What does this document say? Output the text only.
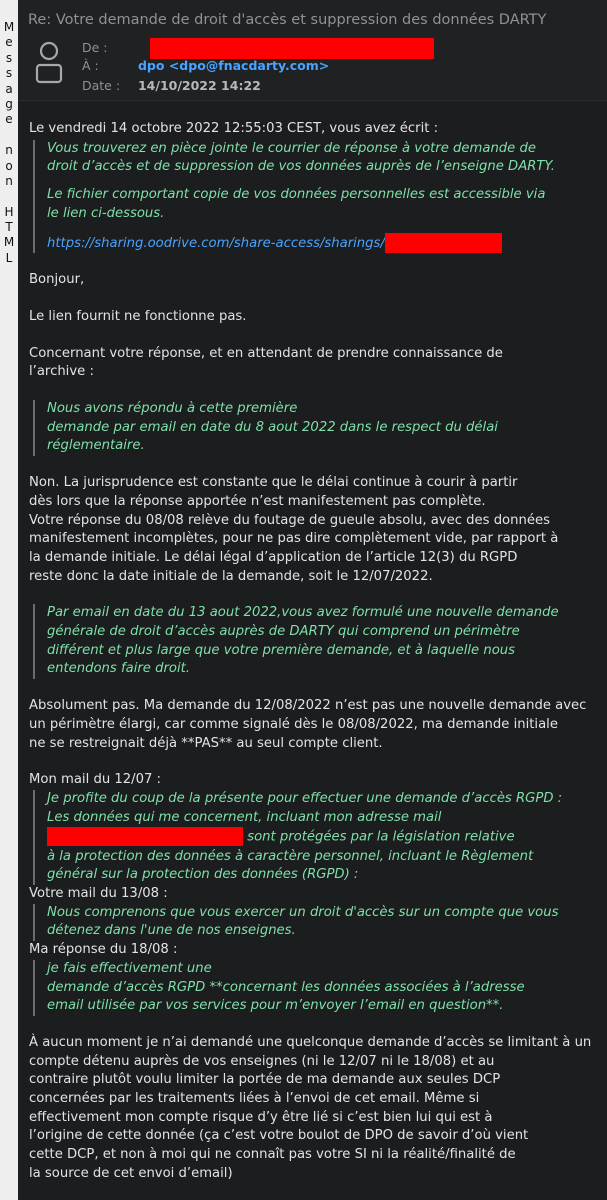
M
e
s
s
a
g
e
n
o
n
H
T
M
L
Re: Votre demande de droit d'accès et suppression des données DARTY
De :
À :	dpo <dpo@fnacdarty.com>
Date : 14/10/2022 14:22

Le vendredi 14 octobre 2022 12:55:03 CEST, vous avez écrit :

Vous trouverez en pièce jointe le courrier de réponse à votre demande de
droit d’accès et de suppression de vos données auprès de l’enseigne DARTY.
Le fichier comportant copie de vos données personnelles est accessible via
le lien ci-dessous.
https://sharing.oodrive.com/share-access/sharings/

Bonjour,

Le lien fournit ne fonctionne pas.

Concernant votre réponse, et en attendant de prendre connaissance de

l’archive :

Nous avons répondu à cette première
demande par email en date du 8 aout 2022 dans le respect du délai
réglementaire.

Non. La jurisprudence est constante que le délai continue à courir à partir

dès lors que la réponse apportée n’est manifestement pas complète.

Votre réponse du 08/08 relève du foutage de gueule absolu, avec des données

manifestement incomplètes, pour ne pas dire complètement vide, par rapport à

la demande initiale. Le délai légal d’application de l’article 12(3) du RGPD

reste donc la date initiale de la demande, soit le 12/07/2022.

Par email en date du 13 aout 2022,vous avez formulé une nouvelle demande
générale de droit d’accès auprès de DARTY qui comprend un périmètre
différent et plus large que votre première demande, et à laquelle nous
entendons faire droit.

Absolument pas. Ma demande du 12/08/2022 n’est pas une nouvelle demande avec

un périmètre élargi, car comme signalé dès le 08/08/2022, ma demande initiale

ne se restreignait déjà **PAS** au seul compte client.

Mon mail du 12/07 :

Je profite du coup de la présente pour effectuer une demande d’accès RGPD :
Les données qui me concernent, incluant mon adresse mail
sont protégées par la législation relative
à la protection des données à caractère personnel, incluant le Règlement
général sur la protection des données (RGPD) :

Votre mail du 13/08 :

Nous comprenons que vous exercer un droit d'accès sur un compte que vous
détenez dans l'une de nos enseignes.

Ma réponse du 18/08 :

je fais effectivement une
demande d’accès RGPD **concernant les données associées à l’adresse
email utilisée par vos services pour m’envoyer l’email en question**.

À aucun moment je n’ai demandé une quelconque demande d’accès se limitant à un

compte détenu auprès de vos enseignes (ni le 12/07 ni le 18/08) et au

contraire plutôt voulu limiter la portée de ma demande aux seules DCP

concernées par les traitements liées à l’envoi de cet email. Même si

effectivement mon compte risque d’y être lié si c’est bien lui qui est à

l’origine de cette donnée (ça c’est votre boulot de DPO de savoir d’où vient

cette DCP, et non à moi qui ne connaît pas votre SI ni la réalité/finalité de

la source de cet envoi d’email)
